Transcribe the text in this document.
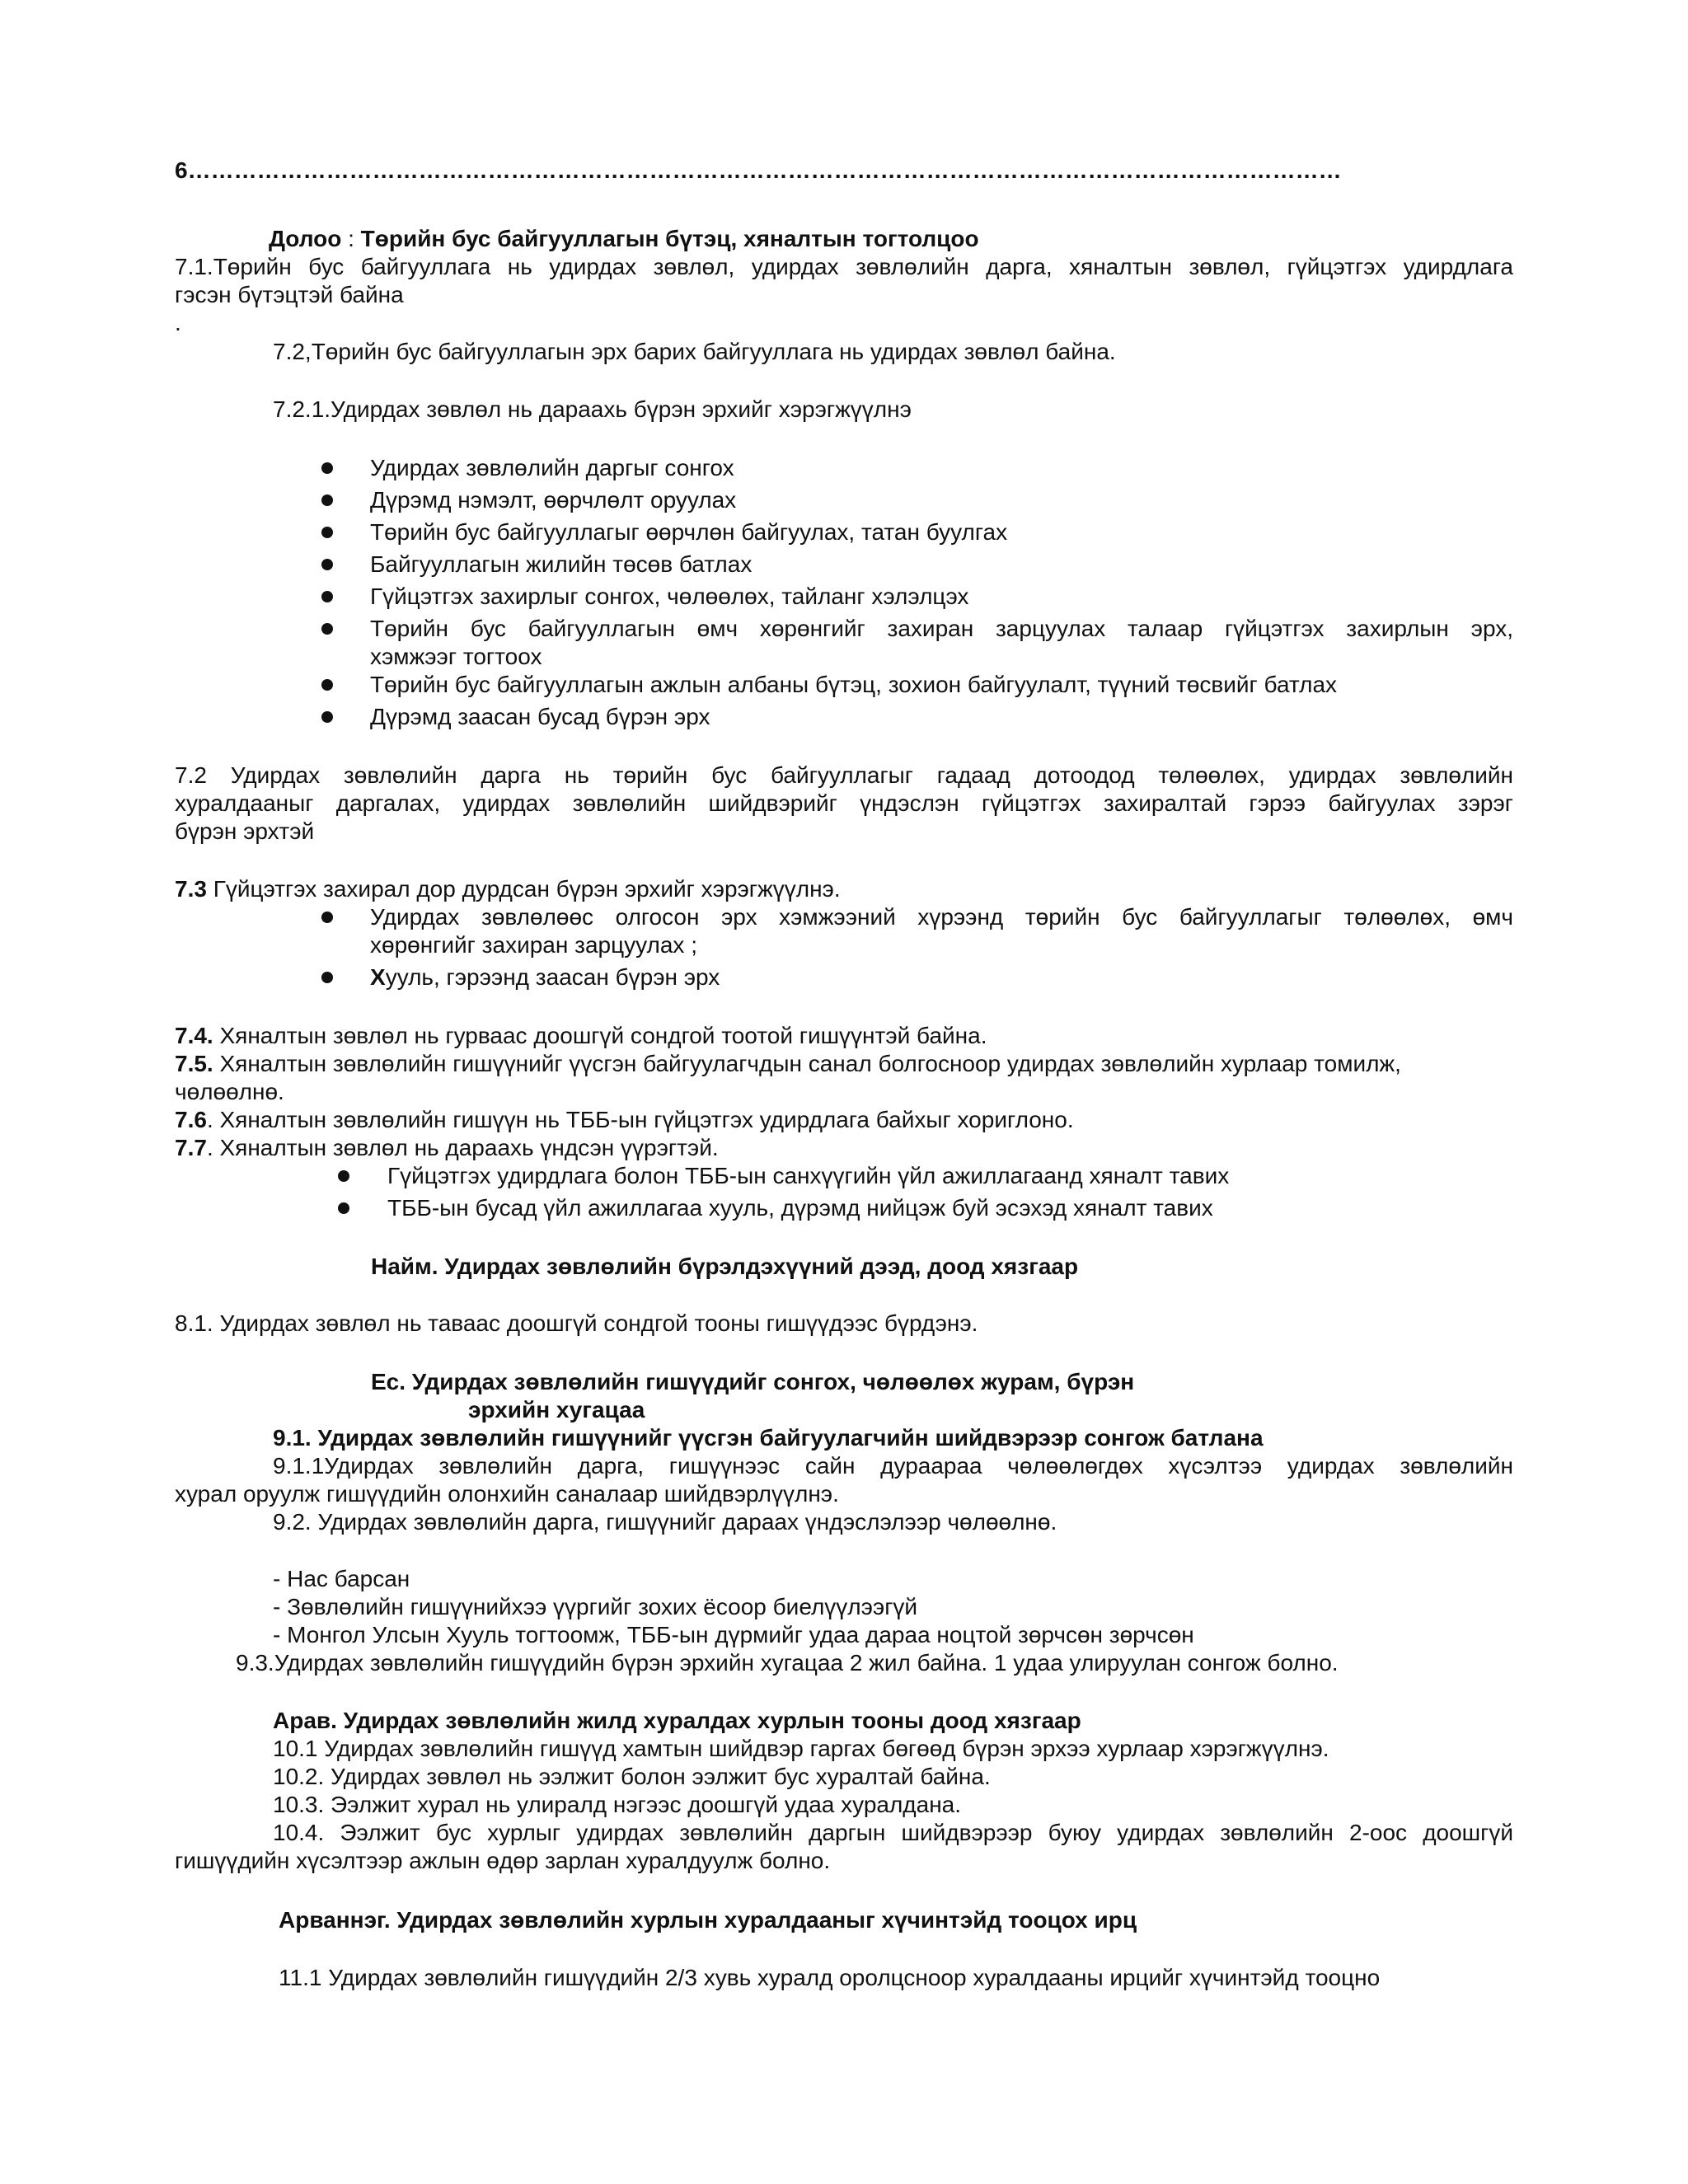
6……………………………………………………………………………………………………………………………………
Долоо : Төрийн бус байгууллагын бүтэц, хяналтын тогтолцоо
7.1.Төрийн бус байгууллага нь удирдах зөвлөл, удирдах зөвлөлийн дарга, хяналтын зөвлөл, гүйцэтгэх удирдлага
гэсэн бүтэцтэй байна
.
7.2,Төрийн бус байгууллагын эрх барих байгууллага нь удирдах зөвлөл байна.
7.2.1.Удирдах зөвлөл нь дараахь бүрэн эрхийг хэрэгжүүлнэ
Удирдах зөвлөлийн даргыг сонгох
Дүрэмд нэмэлт, өөрчлөлт оруулах
Төрийн бус байгууллагыг өөрчлөн байгуулах, татан буулгах
Байгууллагын жилийн төсөв батлах
Гүйцэтгэх захирлыг сонгох, чөлөөлөх, тайланг хэлэлцэх
Төрийн бус байгууллагын өмч хөрөнгийг захиран зарцуулах талаар гүйцэтгэх захирлын эрх,
хэмжээг тогтоох
Төрийн бус байгууллагын ажлын албаны бүтэц, зохион байгуулалт, түүний төсвийг батлах
Дүрэмд заасан бусад бүрэн эрх
7.2 Удирдах зөвлөлийн дарга нь төрийн бус байгууллагыг гадаад дотоодод төлөөлөх, удирдах зөвлөлийн
хуралдааныг даргалах, удирдах зөвлөлийн шийдвэрийг үндэслэн гүйцэтгэх захиралтай гэрээ байгуулах зэрэг
бүрэн эрхтэй
7.3 Гүйцэтгэх захирал дор дурдсан бүрэн эрхийг хэрэгжүүлнэ.
Удирдах зөвлөлөөс олгосон эрх хэмжээний хүрээнд төрийн бус байгууллагыг төлөөлөх, өмч
хөрөнгийг захиран зарцуулах ;
Хууль, гэрээнд заасан бүрэн эрх
7.4. Хяналтын зөвлөл нь гурваас доошгүй сондгой тоотой гишүүнтэй байна.
7.5. Хяналтын зөвлөлийн гишүүнийг үүсгэн байгуулагчдын санал болгосноор удирдах зөвлөлийн хурлаар томилж,
чөлөөлнө.
7.6. Хяналтын зөвлөлийн гишүүн нь ТББ-ын гүйцэтгэх удирдлага байхыг хориглоно.
7.7. Хяналтын зөвлөл нь дараахь үндсэн үүрэгтэй.
Гүйцэтгэх удирдлага болон ТББ-ын санхүүгийн үйл ажиллагаанд хяналт тавих
ТББ-ын бусад үйл ажиллагаа хууль, дүрэмд нийцэж буй эсэхэд хяналт тавих
Найм. Удирдах зөвлөлийн бүрэлдэхүүний дээд, доод хязгаар
8.1. Удирдах зөвлөл нь таваас доошгүй сондгой тооны гишүүдээс бүрдэнэ.
Ес. Удирдах зөвлөлийн гишүүдийг сонгох, чөлөөлөх журам, бүрэн
эрхийн хугацаа
9.1. Удирдах зөвлөлийн гишүүнийг үүсгэн байгуулагчийн шийдвэрээр сонгож батлана
9.1.1Удирдах зөвлөлийн дарга, гишүүнээс сайн дураараа чөлөөлөгдөх хүсэлтээ удирдах зөвлөлийн
хурал оруулж гишүүдийн олонхийн саналаар шийдвэрлүүлнэ.
9.2. Удирдах зөвлөлийн дарга, гишүүнийг дараах үндэслэлээр чөлөөлнө.
- Нас барсан
- Зөвлөлийн гишүүнийхээ үүргийг зохих ёсоор биелүүлээгүй
- Монгол Улсын Хууль тогтоомж, ТББ-ын дүрмийг удаа дараа ноцтой зөрчсөн зөрчсөн
9.3.Удирдах зөвлөлийн гишүүдийн бүрэн эрхийн хугацаа 2 жил байна. 1 удаа улируулан сонгож болно.
Арав. Удирдах зөвлөлийн жилд хуралдах хурлын тооны доод хязгаар
10.1 Удирдах зөвлөлийн гишүүд хамтын шийдвэр гаргах бөгөөд бүрэн эрхээ хурлаар хэрэгжүүлнэ.
10.2. Удирдах зөвлөл нь ээлжит болон ээлжит бус хуралтай байна.
10.3. Ээлжит хурал нь улиралд нэгээс доошгүй удаа хуралдана.
10.4. Ээлжит бус хурлыг удирдах зөвлөлийн даргын шийдвэрээр буюу удирдах зөвлөлийн 2-оос доошгүй
гишүүдийн хүсэлтээр ажлын өдөр зарлан хуралдуулж болно.
Арваннэг. Удирдах зөвлөлийн хурлын хуралдааныг хүчинтэйд тооцох ирц
11.1 Удирдах зөвлөлийн гишүүдийн 2/3 хувь хуралд оролцсноор хуралдааны ирцийг хүчинтэйд тооцно
